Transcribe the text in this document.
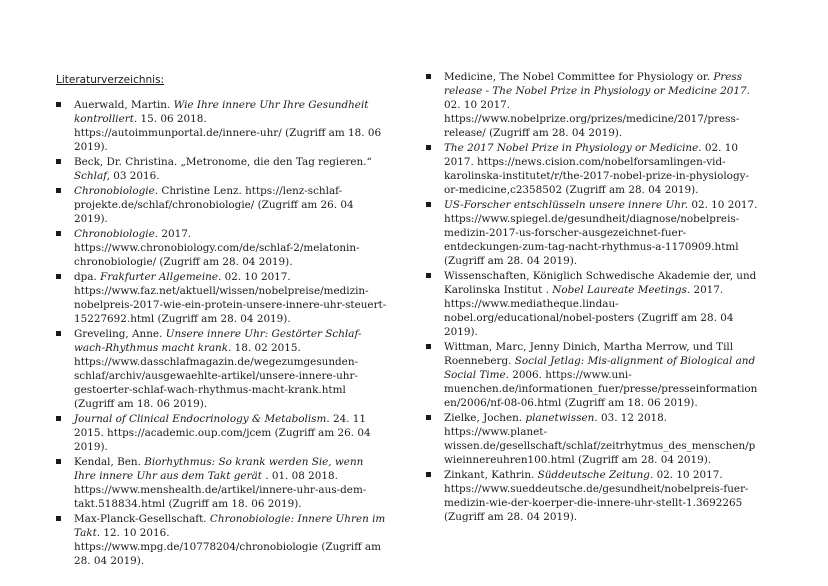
Literaturverzeichnis:
Auerwald, Martin. Wie Ihre innere Uhr Ihre Gesundheit kontrolliert. 15. 06 2018. https://autoimmunportal.de/innere-uhr/ (Zugriff am 18. 06 2019).
Beck, Dr. Christina. „Metronome, die den Tag regieren.“ Schlaf, 03 2016.
Chronobiologie. Christine Lenz. https://lenz-schlaf-projekte.de/schlaf/chronobiologie/ (Zugriff am 26. 04 2019).
Chronobiologie. 2017. https://www.chronobiology.com/de/schlaf-2/melatonin-chronobiologie/ (Zugriff am 28. 04 2019).
dpa. Frakfurter Allgemeine. 02. 10 2017. https://www.faz.net/aktuell/wissen/nobelpreise/medizin-nobelpreis-2017-wie-ein-protein-unsere-innere-uhr-steuert-15227692.html (Zugriff am 28. 04 2019).
Greveling, Anne. Unsere innere Uhr: Gestörter Schlaf-wach-Rhythmus macht krank. 18. 02 2015. https://www.dasschlafmagazin.de/wegezumgesunden-schlaf/archiv/ausgewaehlte-artikel/unsere-innere-uhr-gestoerter-schlaf-wach-rhythmus-macht-krank.html (Zugriff am 18. 06 2019).
Journal of Clinical Endocrinology & Metabolism. 24. 11 2015. https://academic.oup.com/jcem (Zugriff am 26. 04 2019).
Kendal, Ben. Biorhythmus: So krank werden Sie, wenn Ihre innere Uhr aus dem Takt gerät . 01. 08 2018. https://www.menshealth.de/artikel/innere-uhr-aus-dem-takt.518834.html (Zugriff am 18. 06 2019).
Max-Planck-Gesellschaft. Chronobiologie: Innere Uhren im Takt. 12. 10 2016. https://www.mpg.de/10778204/chronobiologie (Zugriff am 28. 04 2019).
Medicine, The Nobel Committee for Physiology or. Press release - The Nobel Prize in Physiology or Medicine 2017. 02. 10 2017. https://www.nobelprize.org/prizes/medicine/2017/press-release/ (Zugriff am 28. 04 2019).
The 2017 Nobel Prize in Physiology or Medicine. 02. 10 2017. https://news.cision.com/nobelforsamlingen-vid-karolinska-institutet/r/the-2017-nobel-prize-in-physiology-or-medicine,c2358502 (Zugriff am 28. 04 2019).
US-Forscher entschlüsseln unsere innere Uhr. 02. 10 2017. https://www.spiegel.de/gesundheit/diagnose/nobelpreis-medizin-2017-us-forscher-ausgezeichnet-fuer-entdeckungen-zum-tag-nacht-rhythmus-a-1170909.html (Zugriff am 28. 04 2019).
Wissenschaften, Königlich Schwedische Akademie der, und Karolinska Institut . Nobel Laureate Meetings. 2017. https://www.mediatheque.lindau-nobel.org/educational/nobel-posters (Zugriff am 28. 04 2019).
Wittman, Marc, Jenny Dinich, Martha Merrow, und Till Roenneberg. Social Jetlag: Mis-alignment of Biological and Social Time. 2006. https://www.uni-muenchen.de/informationen_fuer/presse/presseinformationen/2006/nf-08-06.html (Zugriff am 18. 06 2019).
Zielke, Jochen. planetwissen. 03. 12 2018. https://www.planet-wissen.de/gesellschaft/schlaf/zeitrhytmus_des_menschen/pwieinnereuhren100.html (Zugriff am 28. 04 2019).
Zinkant, Kathrin. Süddeutsche Zeitung. 02. 10 2017. https://www.sueddeutsche.de/gesundheit/nobelpreis-fuer-medizin-wie-der-koerper-die-innere-uhr-stellt-1.3692265 (Zugriff am 28. 04 2019).
